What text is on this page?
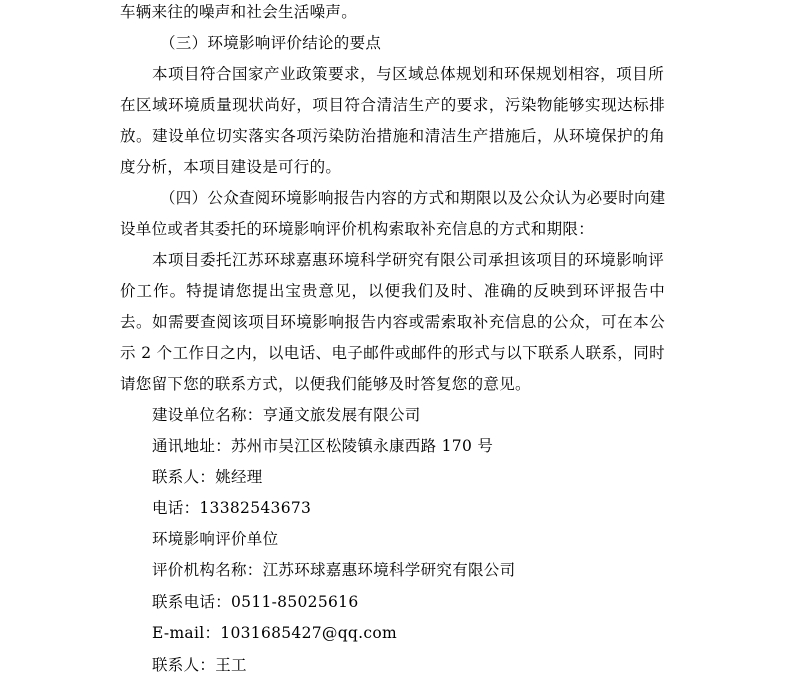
车辆来往的噪声和社会生活噪声。
（三）环境影响评价结论的要点
本项目符合国家产业政策要求，与区域总体规划和环保规划相容，项目所
在区域环境质量现状尚好，项目符合清洁生产的要求，污染物能够实现达标排
放。建设单位切实落实各项污染防治措施和清洁生产措施后，从环境保护的角
度分析，本项目建设是可行的。
（四）公众查阅环境影响报告内容的方式和期限以及公众认为必要时向建
设单位或者其委托的环境影响评价机构索取补充信息的方式和期限：
本项目委托江苏环球嘉惠环境科学研究有限公司承担该项目的环境影响评
价工作。特提请您提出宝贵意见，以便我们及时、准确的反映到环评报告中
去。如需要查阅该项目环境影响报告内容或需索取补充信息的公众，可在本公
示 2 个工作日之内，以电话、电子邮件或邮件的形式与以下联系人联系，同时
请您留下您的联系方式，以便我们能够及时答复您的意见。
建设单位名称：亨通文旅发展有限公司
通讯地址：苏州市吴江区松陵镇永康西路 170 号
联系人：姚经理
电话：13382543673
环境影响评价单位
评价机构名称：江苏环球嘉惠环境科学研究有限公司
联系电话：0511-85025616
E-mail：1031685427@qq.com
联系人：王工
